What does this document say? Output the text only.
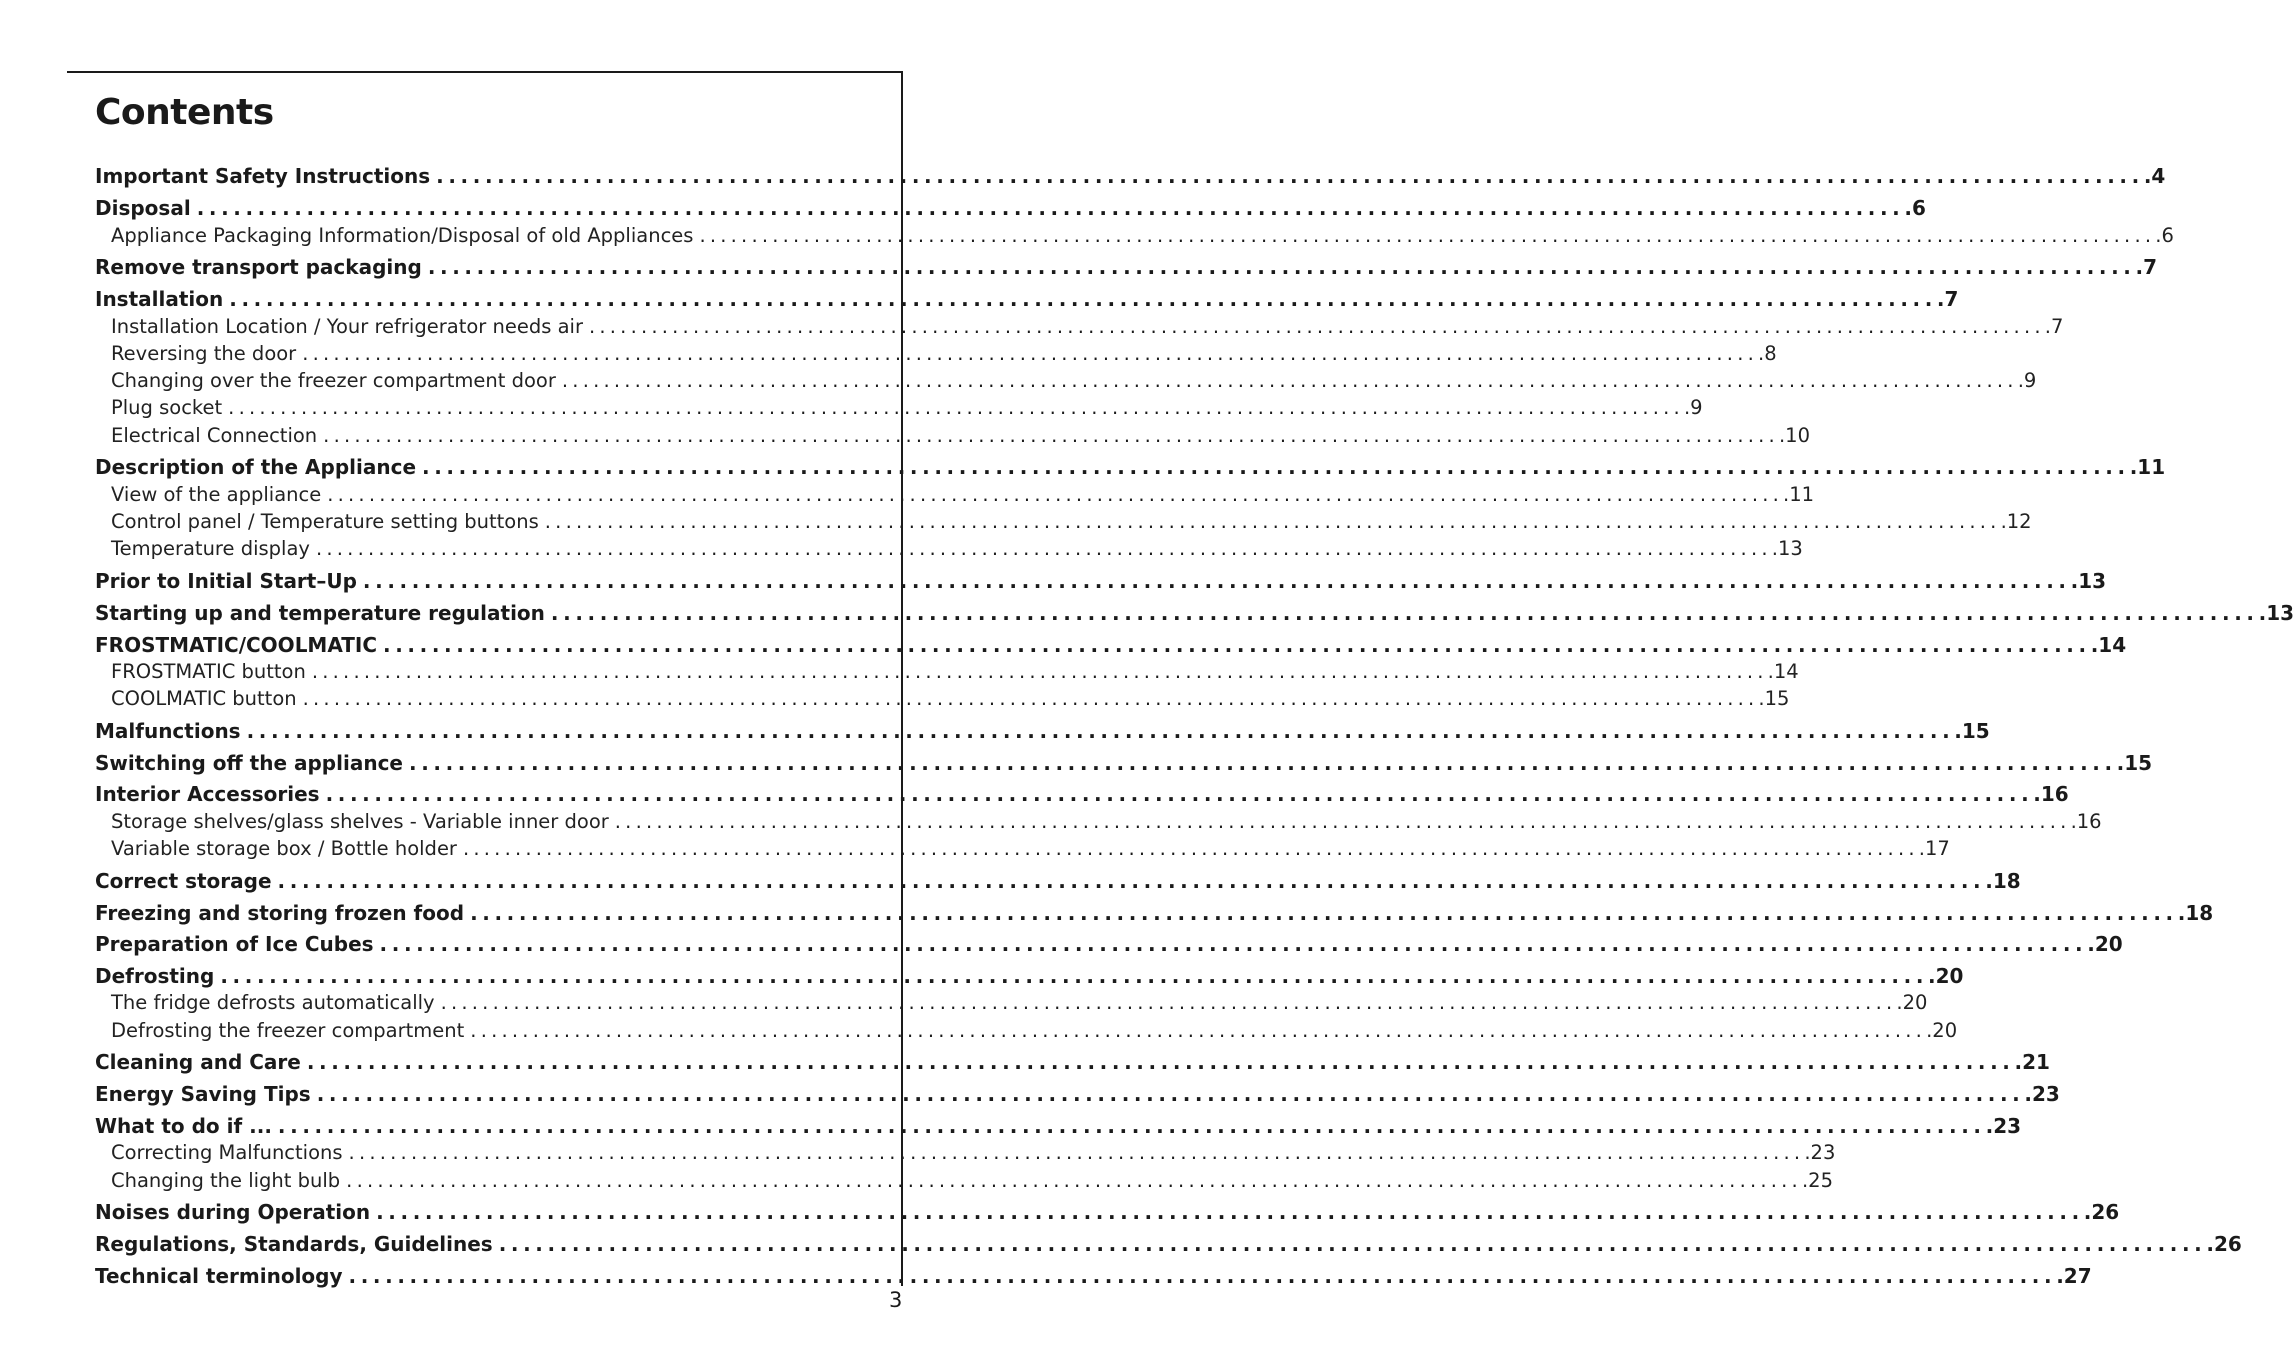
Contents
Important Safety Instructions ............................................................................................................................................ .4
Disposal ............................................................................................................................................ .6
Appliance Packaging Information/Disposal of old Appliances ............................................................................................................................................ .6
Remove transport packaging ............................................................................................................................................ .7
Installation ............................................................................................................................................ .7
Installation Location / Your refrigerator needs air ............................................................................................................................................ .7
Reversing the door ............................................................................................................................................ .8
Changing over the freezer compartment door ............................................................................................................................................ .9
Plug socket ............................................................................................................................................ .9
Electrical Connection ............................................................................................................................................ .10
Description of the Appliance ............................................................................................................................................ .11
View of the appliance ............................................................................................................................................ .11
Control panel / Temperature setting buttons ............................................................................................................................................ .12
Temperature display ............................................................................................................................................ .13
Prior to Initial Start–Up ............................................................................................................................................ .13
Starting up and temperature regulation ............................................................................................................................................ .13
FROSTMATIC/COOLMATIC ............................................................................................................................................ .14
FROSTMATIC button ............................................................................................................................................ .14
COOLMATIC button ............................................................................................................................................ .15
Malfunctions ............................................................................................................................................ .15
Switching off the appliance ............................................................................................................................................ .15
Interior Accessories ............................................................................................................................................ .16
Storage shelves/glass shelves - Variable inner door ............................................................................................................................................ .16
Variable storage box / Bottle holder ............................................................................................................................................ .17
Correct storage ............................................................................................................................................ .18
Freezing and storing frozen food ............................................................................................................................................ .18
Preparation of Ice Cubes ............................................................................................................................................ .20
Defrosting ............................................................................................................................................ .20
The fridge defrosts automatically ............................................................................................................................................ .20
Defrosting the freezer compartment ............................................................................................................................................ .20
Cleaning and Care ............................................................................................................................................ .21
Energy Saving Tips ............................................................................................................................................ .23
What to do if ... ............................................................................................................................................ .23
Correcting Malfunctions ............................................................................................................................................ .23
Changing the light bulb ............................................................................................................................................ .25
Noises during Operation ............................................................................................................................................ .26
Regulations, Standards, Guidelines ............................................................................................................................................ .26
Technical terminology ............................................................................................................................................ .27
3
